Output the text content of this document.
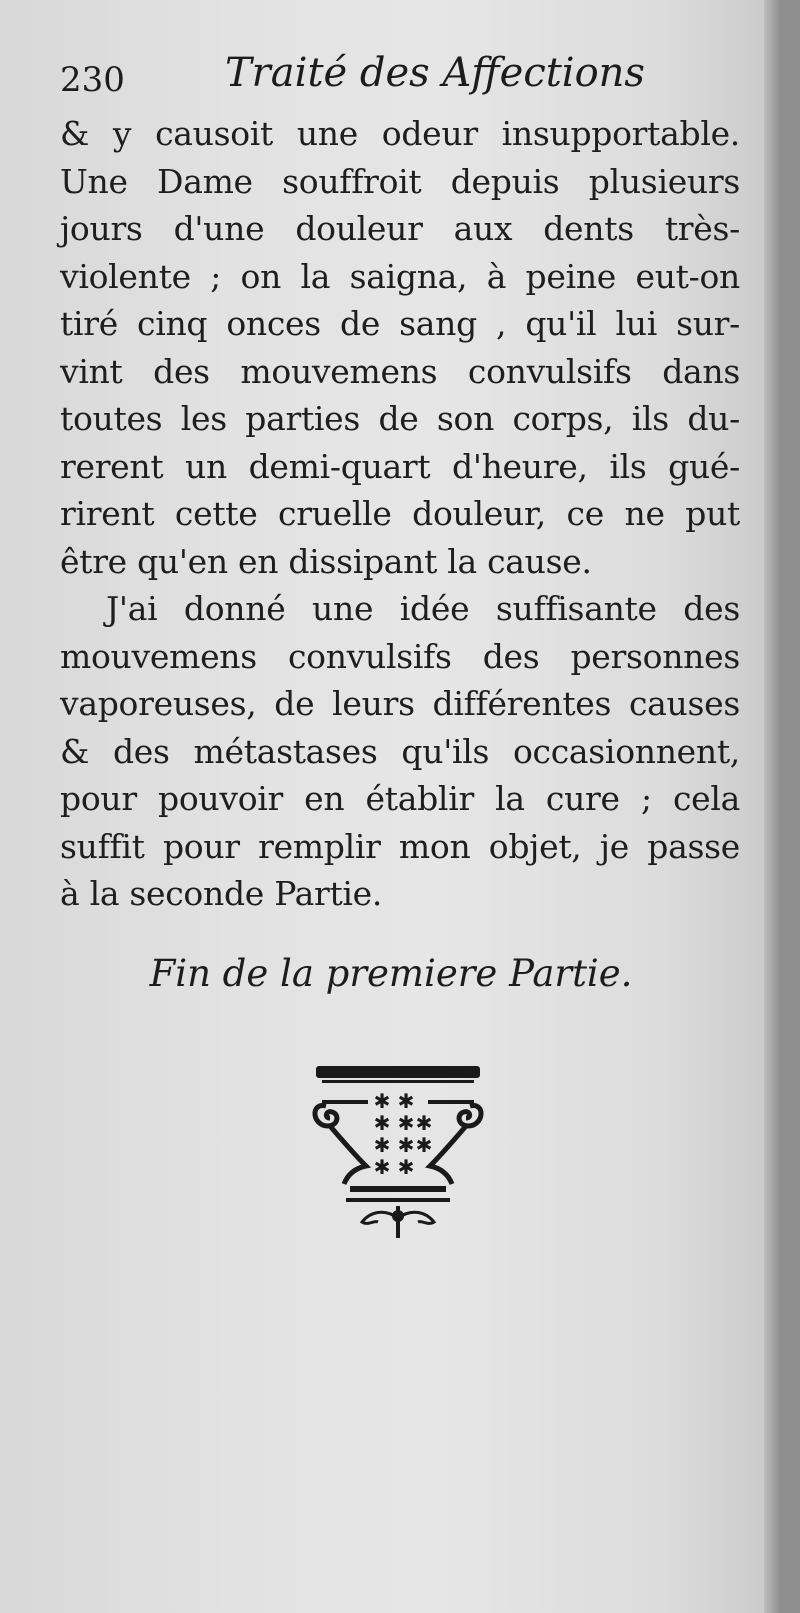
230	Traité des Affections
& y causoit une odeur insupportable.
Une Dame souffroit depuis plusieurs
jours d'une douleur aux dents très-
violente ; on la saigna, à peine eut-on
tiré cinq onces de sang , qu'il lui sur-
vint des mouvemens convulsifs dans
toutes les parties de son corps, ils du-
rerent un demi-quart d'heure, ils gué-
rirent cette cruelle douleur, ce ne put
être qu'en en dissipant la cause.
J'ai donné une idée suffisante des
mouvemens convulsifs des personnes
vaporeuses, de leurs différentes causes
& des métastases qu'ils occasionnent,
pour pouvoir en établir la cure ; cela
suffit pour remplir mon objet, je passe
à la seconde Partie.
Fin de la premiere Partie.
✱ ✱
✱ ✱ ✱
✱ ✱ ✱
✱ ✱
